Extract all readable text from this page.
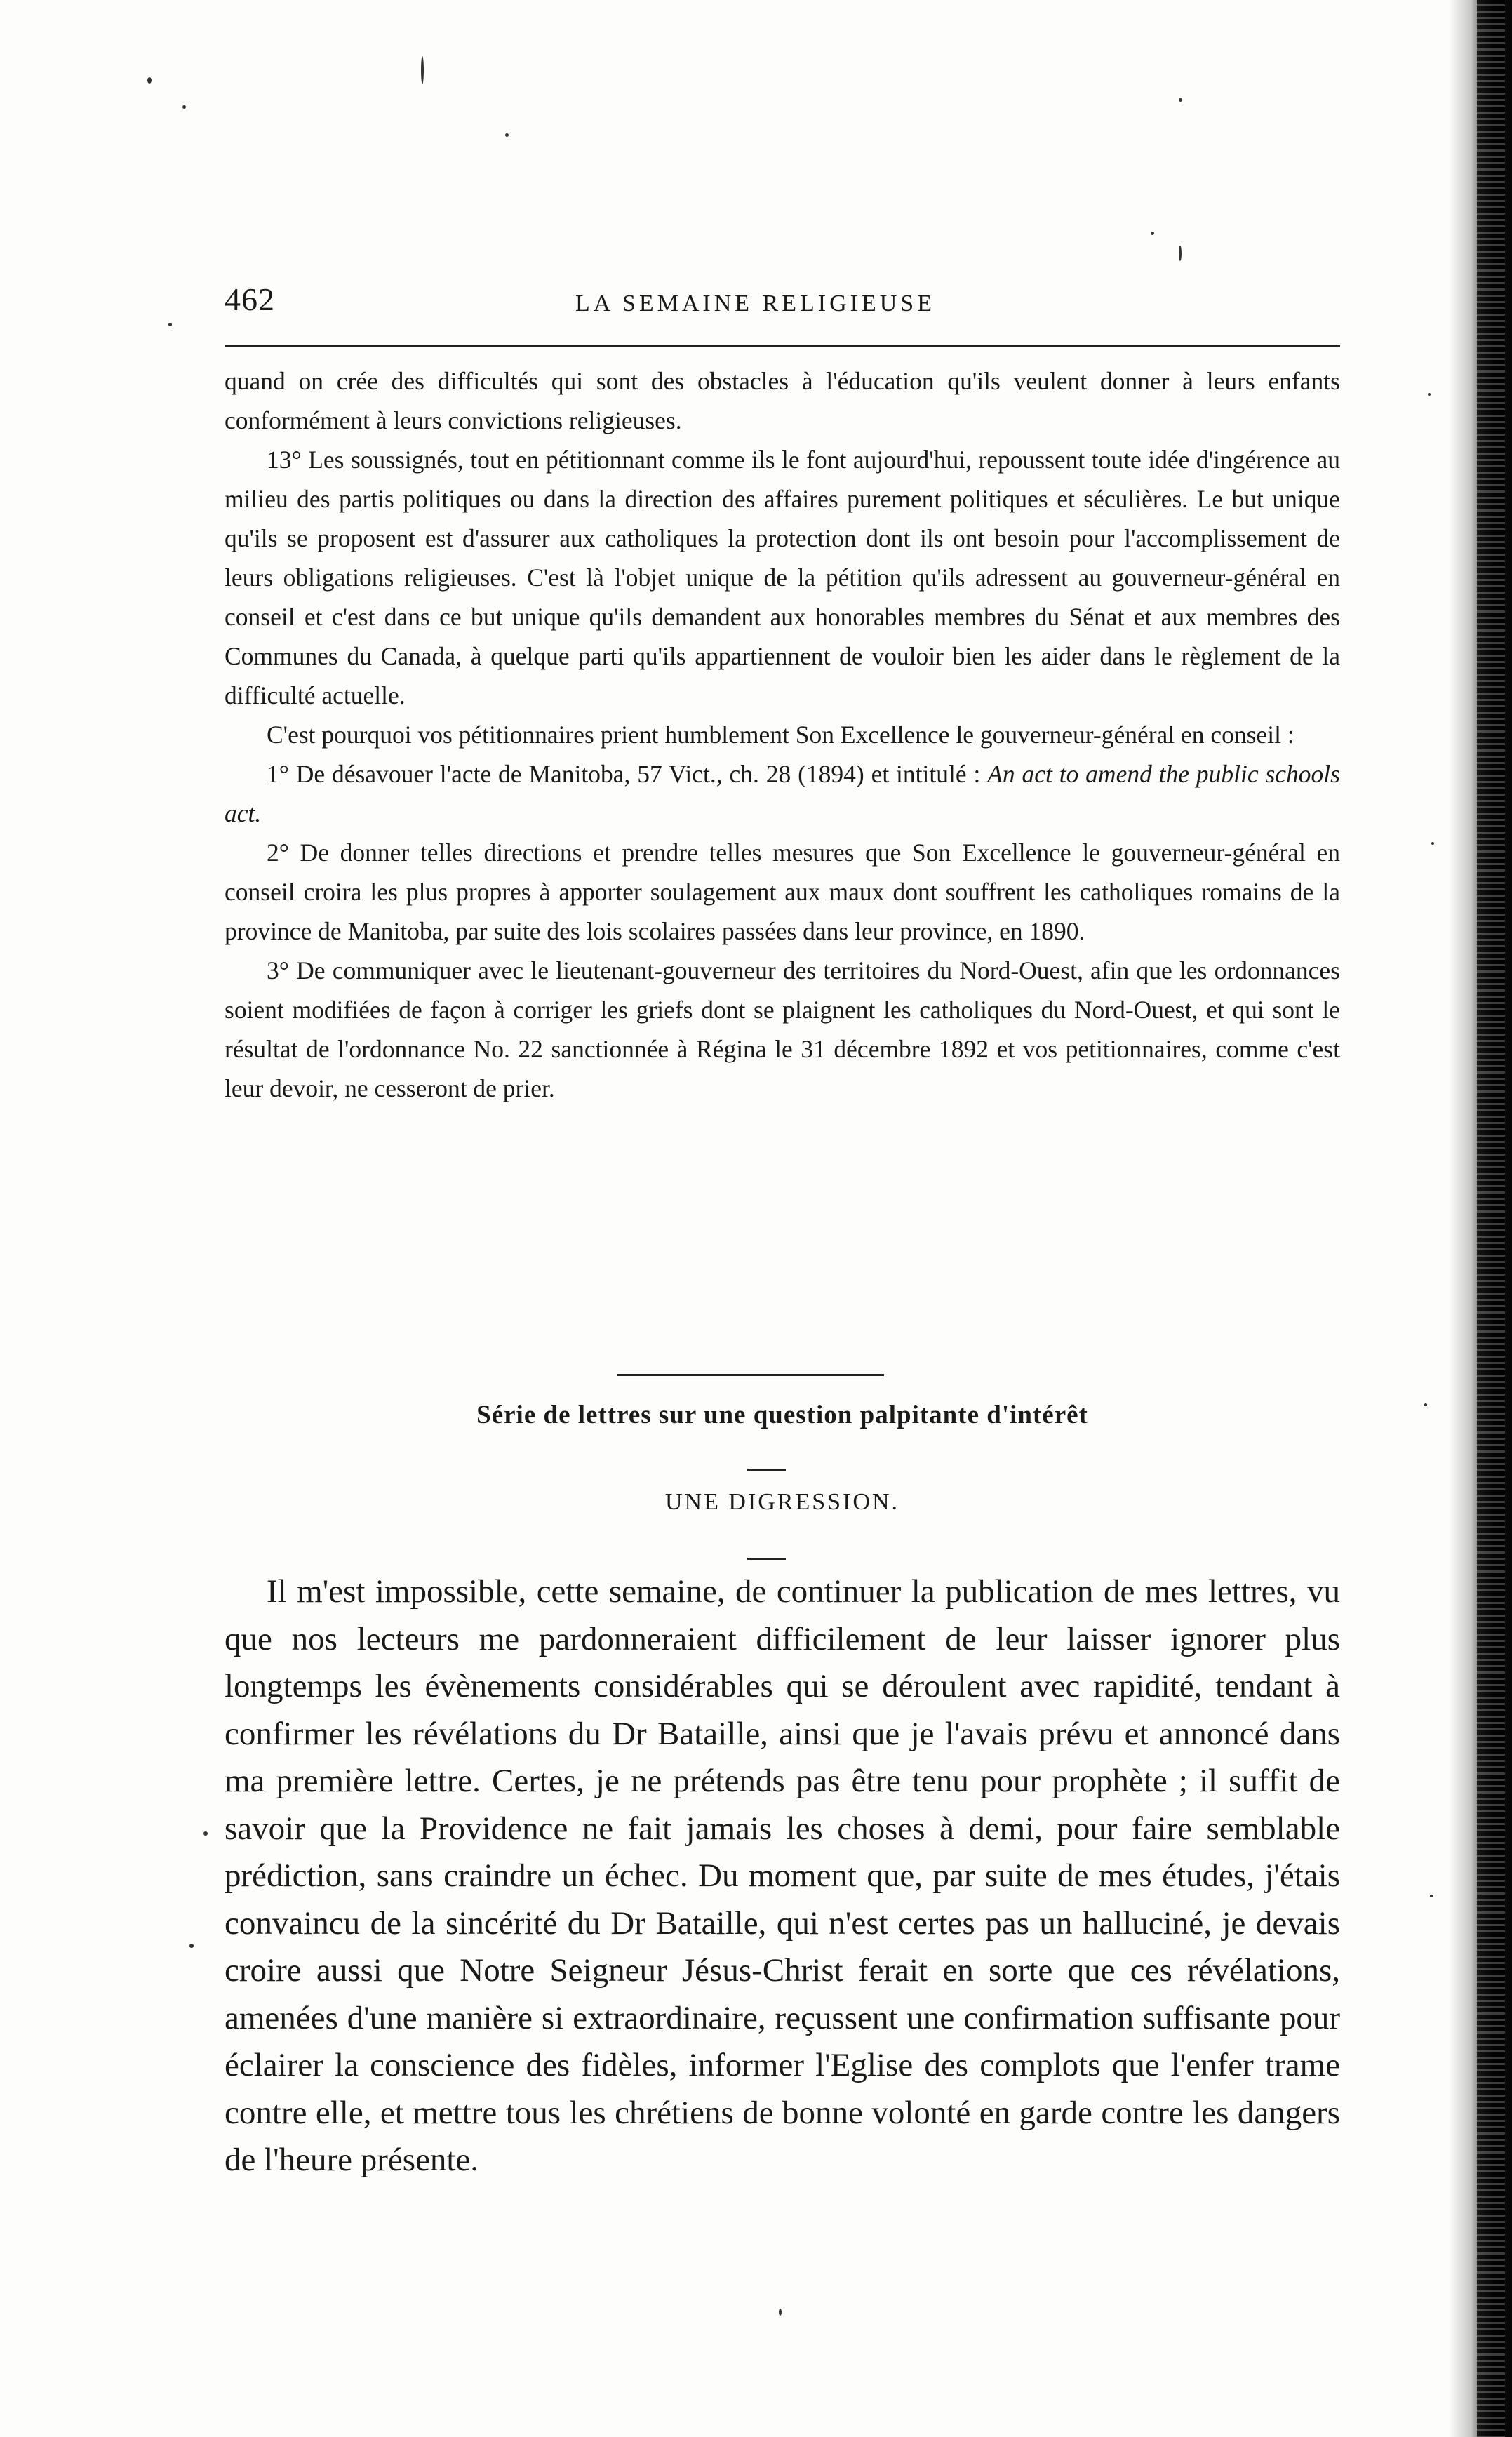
462	LA SEMAINE RELIGIEUSE

quand on crée des difficultés qui sont des obstacles à l'éducation qu'ils veulent donner à leurs enfants conformément à leurs convictions religieuses.

13° Les soussignés, tout en pétitionnant comme ils le font aujourd'hui, repoussent toute idée d'ingérence au milieu des partis politiques ou dans la direction des affaires purement politiques et séculières. Le but unique qu'ils se proposent est d'assurer aux catholiques la protection dont ils ont besoin pour l'accomplissement de leurs obligations religieuses. C'est là l'objet unique de la pétition qu'ils adressent au gouverneur-général en conseil et c'est dans ce but unique qu'ils demandent aux honorables membres du Sénat et aux membres des Communes du Canada, à quelque parti qu'ils appartiennent de vouloir bien les aider dans le règlement de la difficulté actuelle.

C'est pourquoi vos pétitionnaires prient humblement Son Excellence le gouverneur-général en conseil :

1° De désavouer l'acte de Manitoba, 57 Vict., ch. 28 (1894) et intitulé : An act to amend the public schools act.

2° De donner telles directions et prendre telles mesures que Son Excellence le gouverneur-général en conseil croira les plus propres à apporter soulagement aux maux dont souffrent les catholiques romains de la province de Manitoba, par suite des lois scolaires passées dans leur province, en 1890.

3° De communiquer avec le lieutenant-gouverneur des territoires du Nord-Ouest, afin que les ordonnances soient modifiées de façon à corriger les griefs dont se plaignent les catholiques du Nord-Ouest, et qui sont le résultat de l'ordonnance No. 22 sanctionnée à Régina le 31 décembre 1892 et vos petitionnaires, comme c'est leur devoir, ne cesseront de prier.

Série de lettres sur une question palpitante d'intérêt
UNE DIGRESSION.

Il m'est impossible, cette semaine, de continuer la publication de mes lettres, vu que nos lecteurs me pardonneraient difficilement de leur laisser ignorer plus longtemps les évènements considérables qui se déroulent avec rapidité, tendant à confirmer les révélations du Dr Bataille, ainsi que je l'avais prévu et annoncé dans ma première lettre. Certes, je ne prétends pas être tenu pour prophète ; il suffit de savoir que la Providence ne fait jamais les choses à demi, pour faire semblable prédiction, sans craindre un échec. Du moment que, par suite de mes études, j'étais convaincu de la sincérité du Dr Bataille, qui n'est certes pas un halluciné, je devais croire aussi que Notre Seigneur Jésus-Christ ferait en sorte que ces révélations, amenées d'une manière si extraordinaire, reçussent une confirmation suffisante pour éclairer la conscience des fidèles, informer l'Eglise des complots que l'enfer trame contre elle, et mettre tous les chrétiens de bonne volonté en garde contre les dangers de l'heure présente.
